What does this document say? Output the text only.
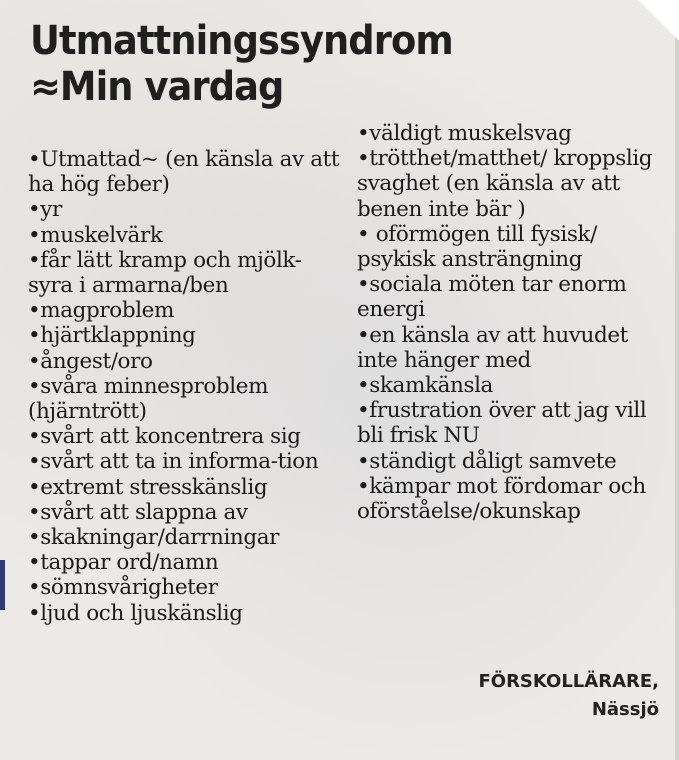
Utmattningssyndrom
≈Min vardag
•Utmattad~ (en känsla av att ha hög feber)
•yr
•muskelvärk
•får lätt kramp och mjölk-syra i armarna/ben
•magproblem
•hjärtklappning
•ångest/oro
•svåra minnesproblem (hjärntrött)
•svårt att koncentrera sig
•svårt att ta in informa-tion
•extremt stresskänslig
•svårt att slappna av
•skakningar/darrningar
•tappar ord/namn
•sömnsvårigheter
•ljud och ljuskänslig
•väldigt muskelsvag
•trötthet/matthet/ kroppslig svaghet (en känsla av att benen inte bär )
• oförmögen till fysisk/ psykisk ansträngning
•sociala möten tar enorm energi
•en känsla av att huvudet inte hänger med
•skamkänsla
•frustration över att jag vill bli frisk NU
•ständigt dåligt samvete
•kämpar mot fördomar och oförståelse/okunskap
FÖRSKOLLÄRARE,
Nässjö
